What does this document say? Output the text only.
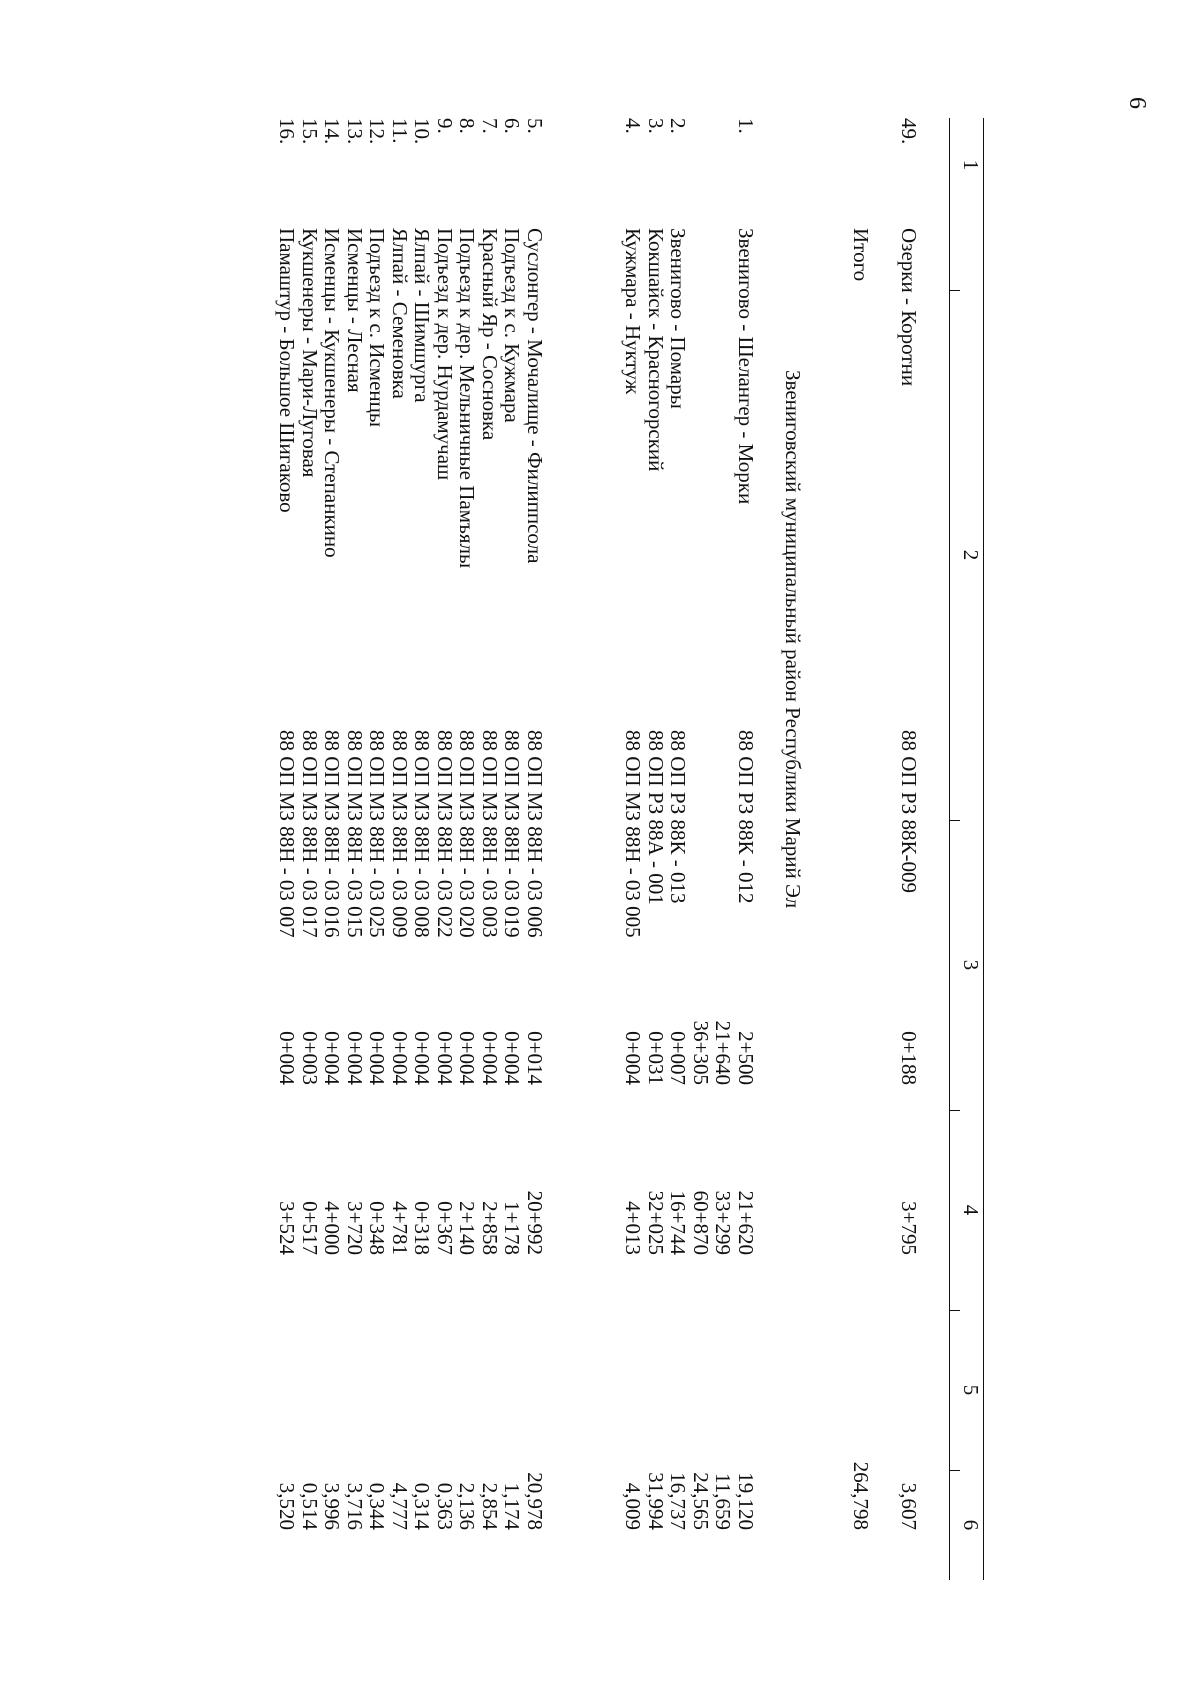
6
1
2
3
4
5
6
49.
Озерки - Коротни
88 ОП РЗ 88К-009
0+188
3+795
3,607
Итого
264,798
Звениговский муниципальный район Республики Марий Эл
1.
Звенигово - Шелангер - Морки
88 ОП РЗ 88К - 012
2+500
21+620
19,120
21+640
33+299
11,659
36+305
60+870
24,565
2.
Звенигово - Помары
88 ОП РЗ 88К - 013
0+007
16+744
16,737
3.
Кокшайск - Красногорский
88 ОП РЗ 88А - 001
0+031
32+025
31,994
4.
Кужмара - Нуктуж
88 ОП МЗ 88Н - 03 005
0+004
4+013
4,009
5.
Суслонгер - Мочалище - Филиппсола
88 ОП МЗ 88Н - 03 006
0+014
20+992
20,978
6.
Подъезд к с. Кужмара
88 ОП МЗ 88Н - 03 019
0+004
1+178
1,174
7.
Красный Яр - Сосновка
88 ОП МЗ 88Н - 03 003
0+004
2+858
2,854
8.
Подъезд к дер. Мельничные Памъялы
88 ОП МЗ 88Н - 03 020
0+004
2+140
2,136
9.
Подъезд к дер. Нурдамучаш
88 ОП МЗ 88Н - 03 022
0+004
0+367
0,363
10.
Ялпай - Шимшурга
88 ОП МЗ 88Н - 03 008
0+004
0+318
0,314
11.
Ялпай - Семеновка
88 ОП МЗ 88Н - 03 009
0+004
4+781
4,777
12.
Подъезд к с. Исменцы
88 ОП МЗ 88Н - 03 025
0+004
0+348
0,344
13.
Исменцы - Лесная
88 ОП МЗ 88Н - 03 015
0+004
3+720
3,716
14.
Исменцы - Кукшенеры - Степанкино
88 ОП МЗ 88Н - 03 016
0+004
4+000
3,996
15.
Кукшенеры - Мари-Луговая
88 ОП МЗ 88Н - 03 017
0+003
0+517
0,514
16.
Памаштур - Большое Шигаково
88 ОП МЗ 88Н - 03 007
0+004
3+524
3,520
